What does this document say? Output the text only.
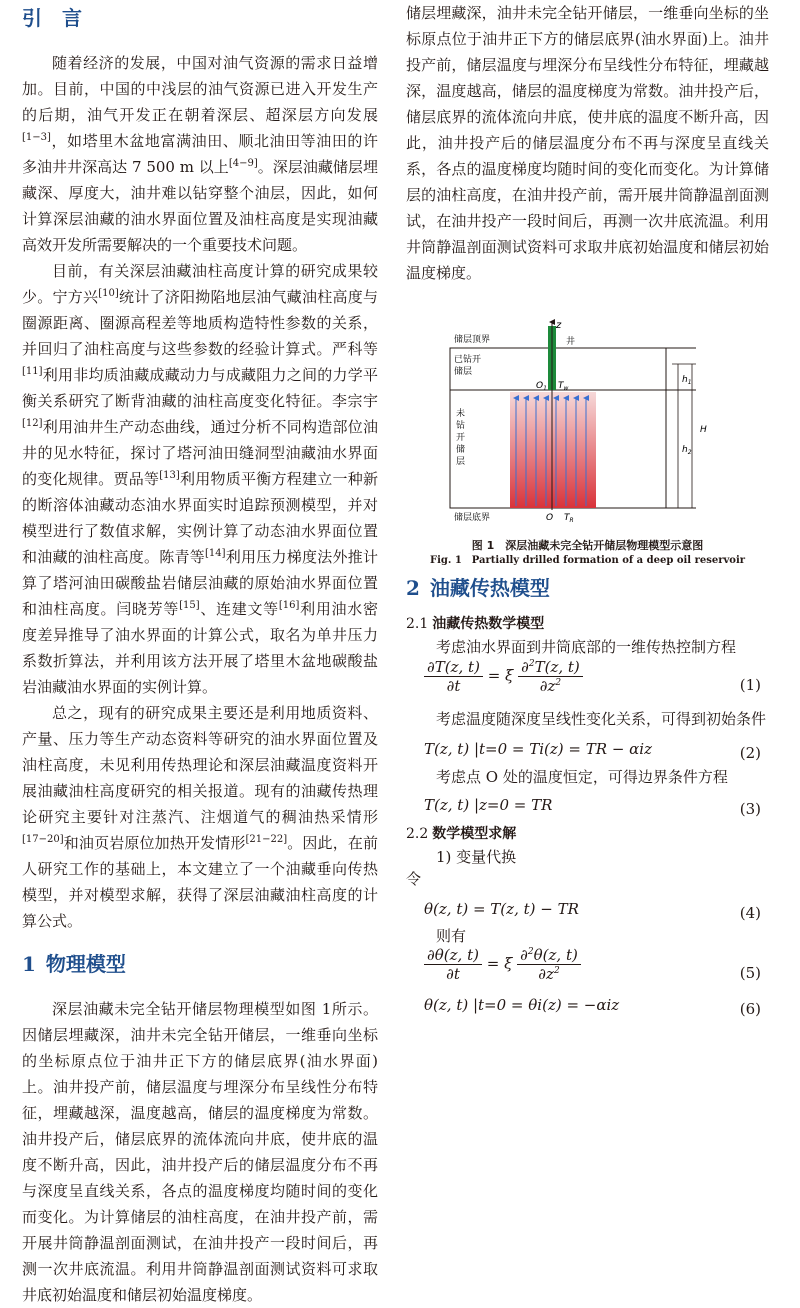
引　言

随着经济的发展，中国对油气资源的需求日益增加。目前，中国的中浅层的油气资源已进入开发生产的后期，油气开发正在朝着深层、超深层方向发展[1−3]，如塔里木盆地富满油田、顺北油田等油田的许多油井井深高达 7 500 m 以上[4−9]。深层油藏储层埋藏深、厚度大，油井难以钻穿整个油层，因此，如何计算深层油藏的油水界面位置及油柱高度是实现油藏高效开发所需要解决的一个重要技术问题。

目前，有关深层油藏油柱高度计算的研究成果较少。宁方兴[10]统计了济阳拗陷地层油气藏油柱高度与圈源距离、圈源高程差等地质构造特性参数的关系，并回归了油柱高度与这些参数的经验计算式。严科等[11]利用非均质油藏成藏动力与成藏阻力之间的力学平衡关系研究了断背油藏的油柱高度变化特征。李宗宇[12]利用油井生产动态曲线，通过分析不同构造部位油井的见水特征，探讨了塔河油田缝洞型油藏油水界面的变化规律。贾品等[13]利用物质平衡方程建立一种新的断溶体油藏动态油水界面实时追踪预测模型，并对模型进行了数值求解，实例计算了动态油水界面位置和油藏的油柱高度。陈青等[14]利用压力梯度法外推计算了塔河油田碳酸盐岩储层油藏的原始油水界面位置和油柱高度。闫晓芳等[15]、连建文等[16]利用油水密度差异推导了油水界面的计算公式，取名为单井压力系数折算法，并利用该方法开展了塔里木盆地碳酸盐岩油藏油水界面的实例计算。

总之，现有的研究成果主要还是利用地质资料、产量、压力等生产动态资料等研究的油水界面位置及油柱高度，未见利用传热理论和深层油藏温度资料开展油藏油柱高度研究的相关报道。现有的油藏传热理论研究主要针对注蒸汽、注烟道气的稠油热采情形[17−20]和油页岩原位加热开发情形[21−22]。因此，在前人研究工作的基础上，本文建立了一个油藏垂向传热模型，并对模型求解，获得了深层油藏油柱高度的计算公式。

1 物理模型

深层油藏未完全钻开储层物理模型如图 1所示。因储层埋藏深，油井未完全钻开储层，一维垂向坐标的坐标原点位于油井正下方的储层底界(油水界面)上。油井投产前，储层温度与埋深分布呈线性分布特征，埋藏越深，温度越高，储层的温度梯度为常数。油井投产后，储层底界的流体流向井底，使井底的温度不断升高，因此，油井投产后的储层温度分布不再与深度呈直线关系，各点的温度梯度均随时间的变化而变化。为计算储层的油柱高度，在油井投产前，需开展井筒静温剖面测试，在油井投产一段时间后，再测一次井底流温。利用井筒静温剖面测试资料可求取井底初始温度和储层初始温度梯度。

储层埋藏深，油井未完全钻开储层，一维垂向坐标的坐标原点位于油井正下方的储层底界(油水界面)上。油井投产前，储层温度与埋深分布呈线性分布特征，埋藏越深，温度越高，储层的温度梯度为常数。油井投产后，储层底界的流体流向井底，使井底的温度不断升高，因此，油井投产后的储层温度分布不再与深度呈直线关系，各点的温度梯度均随时间的变化而变化。为计算储层的油柱高度，在油井投产前，需开展井筒静温剖面测试，在油井投产一段时间后，再测一次井底流温。利用井筒静温剖面测试资料可求取井底初始温度和储层初始温度梯度。

z
井
储层顶界
已钻开
储层
未
钻
开
储
层
储层底界
$O_1$ $T_w$
O $T_R$
$h_1$
$h_2$
H
图 1　深层油藏未完全钻开储层物理模型示意图
Fig. 1　Partially drilled formation of a deep oil reservoir
2 油藏传热模型
2.1 油藏传热数学模型

考虑油水界面到井筒底部的一维传热控制方程

$\frac{\partial T(z, t)}{\partial t} = \xi \frac{\partial^2T(z, t)}{\partial z^2}$	(1)

考虑温度随深度呈线性变化关系，可得到初始条件

T(z, t) |t=0 = Ti(z) = TR − αiz	(2)

考虑点 O 处的温度恒定，可得边界条件方程

T(z, t) |z=0 = TR	(3)
2.2 数学模型求解

1) 变量代换

令

θ(z, t) = T(z, t) − TR	(4)

则有

$\frac{\partial\theta(z, t)}{\partial t} = \xi \frac{\partial^2\theta(z, t)}{\partial z^2}$	(5)
θ(z, t) |t=0 = θi(z) = −αiz	(6)
